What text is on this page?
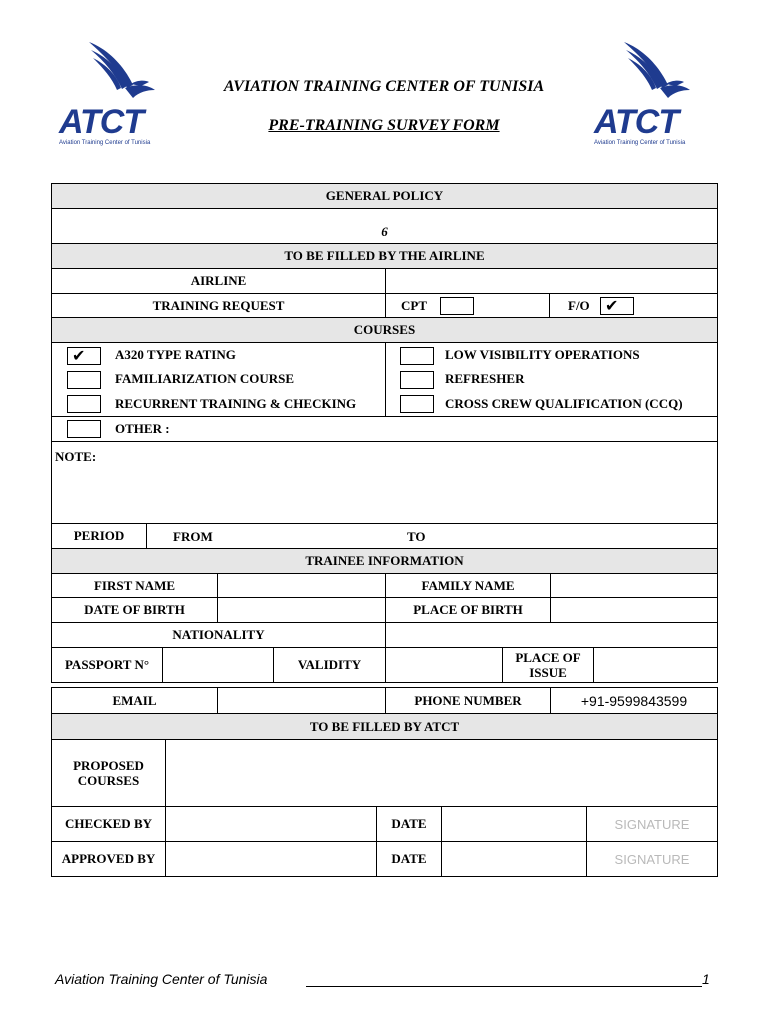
ATCT
Aviation Training Center of Tunisia
ATCT
Aviation Training Center of Tunisia
AVIATION TRAINING CENTER OF TUNISIA
PRE-TRAINING SURVEY FORM
GENERAL POLICY
6
TO BE FILLED BY THE AIRLINE
AIRLINE
TRAINING REQUEST	CPT	F/O ✔
COURSES
✔ A320 TYPE RATING
FAMILIARIZATION COURSE
RECURRENT TRAINING & CHECKING
LOW VISIBILITY OPERATIONS
REFRESHER
CROSS CREW QUALIFICATION (CCQ)
OTHER :
NOTE:
PERIOD	FROM	TO
TRAINEE INFORMATION
FIRST NAME	FAMILY NAME
DATE OF BIRTH	PLACE OF BIRTH
NATIONALITY
PASSPORT N°	VALIDITY	PLACE OF ISSUE
EMAIL	PHONE NUMBER	+91-9599843599
TO BE FILLED BY ATCT
PROPOSED COURSES
CHECKED BY	DATE	SIGNATURE
APPROVED BY	DATE	SIGNATURE
Aviation Training Center of Tunisia	1
